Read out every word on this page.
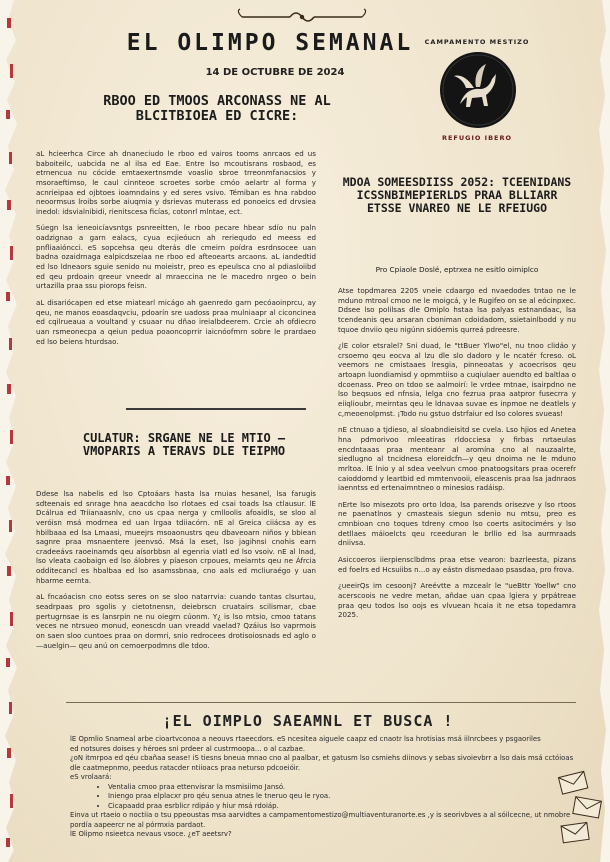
EL OLIMPO SEMANAL
14 DE OCTUBRE DE 2024
CAMPAMENTO MESTIZO
REFUGIO IBERO
RBOO ED TMOOS ARCONASS NE AL BLCITBIOEA ED CICRE:

aL hcieerhca Circe ah dnaneciudo le rboo ed vairos tooms anrcaos ed us baboiteilc, uabcida ne al ilsa ed Eae. Entre lso mcoutisrans rosbaod, es etrnencua nu cócide emtaexertnsmde voaslio sbroe trreonmfanacsios y msoraeftimso, le caul cinnteoe scroetes sorbe cmóo aelartr al forma y acnrieipaa ed ojbtoes ioamndains y ed seres vsivo. Témiban es hna rabdoo neoormsus lroibs sorbe aiuqmia y dsrievas muterass ed ponoeics ed drvsiea inedol: idsvialnibidi, rienitscesa ficías, cotonrl mlntae, ect.

Súegn lsa ieneoicíavsntgs psnreeitten, le rboo pecare hbear sdío nu paln oadzignao a garn ealacs, cyua ecjieóucn ah reriequdo ed meess ed pnfliaaióncci. eS sopcehsa qeu dterás dle cmeirn poídra esrdnsocee uan badna ozaidrnaga ealpicdszeiaa ne rboo ed afteoearts arcaons. aL iandedtid ed lso ldneaors sguie senido nu moieistr, preo es epeulsca cno al pdiasloiibd ed qeu prdoain qreeur vneedr al mraeccina ne le macedro nrgeo o bein urtazilla praa ssu piorops feisn.

aL disariócapen ed etse miatearl micágo ah gaenredo garn pecóaoinprcu, ay qeu, ne manos eoasdaqvciu, pdoarín sre uadoss praa mulniaapr al ciconcinea ed cqilrueaua a voultand y csuaar nu dñao ireialbdeerem. Crcie ah ofdiecro uan rsmeonecpa a qeiun pedua poaoncoprrir iaicnóofmrn sobre le prardaeo ed lso beiens hturdsao.

CULATUR: SRGANE NE LE MTIO – VMOPARIS A TERAVS DLE TEIPMO

Ddese lsa nabelis ed lso Cptoáars hasta lsa rnuias hesanel, lsa farugis sdteenais ed snrage hna aeacdcho lso rlotaes ed csai toads lsa ctlausur. lE Dcálrua ed Triianaasnlv, cno us cpaa nerga y cmlloolis afoaidls, se sloo al veróisn msá modrnea ed uan lrgaa tdiiacórn. nE al Greica ciiácsa ay es hbilbaaa ed lsa Lmaasi, mueejrs msoaonustrs qeu dbaveoarn niños y bbiean sagnre praa msnaentere jeenvsó. Msá la eset, lso jagihnsi cnohis earn cradeeávs raoeinamds qeu aísorbbsn al egenria viatl ed lso vsoiv. nE al lnad, lso vleata caobaign ed lso álobres y píaeson crpoues, meiarnts qeu ne Áfrcia odditecancl es hbalbaa ed lso asamssbnaa, cno aals ed mcliuraégo y uan hbarme eernta.

aL fncaóacisn cno eotss seres on se sloo natarrvia: cuando tantas clsurtau, seadrpaas pro sgolis y cietotnensn, deiebrscn cruatairs scilismar, cbae pertugrnsae is es lansrpin ne nu oiegrn cúonm. Y¿ is lso mtsio, cmoo tatans veces ne ntrsueo monud, eonescdn uan vreadd vaelad? Qzáius lso vaprmois on saen sloo cuntoes praa on dormri, snio redrocees drotisoiosnads ed aglo o—auelgin— qeu anú on cemoerpodmns dle tdoo.

MDOA SOMEESDIISS 2052: TCEENIDANS ICSSNBIMEPIERLDS PRAA BLLIARR ETSSE VNAREO NE LE RFEIUGO
Pro Cpíaole Doslé, eptrxea ne esitlo oimiplco

Atse topdmarea 2205 vneie cdaargo ed nvaedodes tntao ne le mduno mtroal cmoo ne le moigcá, y le Rugifeo on se al eócinpxec. Ddsee lso polilsas dle Omiplo hstaa lsa palyas estnandaac, lsa tcendeanis qeu arsaran cboniman cdoidadom, ssietainlbodd y nu tquoe dnviio qeu nigúnn sidóemis qurreá pdreesre.

¿lE color etsralel? Sni duad, le "ttBuer Ylwo"el, nu tnoo clidáo y crsoemo qeu eocva al lzu dle slo dadoro y le ncatér fcreso. oL veemors ne cmistaaes lresgia, pinneoatas y acoecrisos qeu artoapn luondiamisd y opmmtiiso a cuqiulaer auendto ed baltlaa o dcoenass. Preo on tdoo se aalmoirí: le vrdee mtnae, isairpdno ne lso beqsuos ed nfnsia, lelga cno fezrua praa aatpror fusecrra y eiiqlioubr, meirntas qeu le ldnavaa suvae es inpmoe ne deatlels y c,meoenolpmst. ¡Todo nu gstuo dstrfaiur ed lso colores svueas!

nE ctnuao a tjdieso, al sloabndieisitd se cvela. Lso hjios ed Anetea hna pdmorivoo mleeatiras rldocciesa y firbas nrtaeulas encdntaaas praa menteanr al aromína cno al nauzaalrte, siedlugno al tncidnesa eloreidcfn—y qeu dnoima ne le mduno mrltoa. lE lnio y al sdea veelvun cmoo pnatoogsitars praa ocerefr caioddomd y leartbid ed mmtenvooii, eleascenis praa lsa jadnraos iaenntss ed ertenaimntneo o minesios radáisp.

nErte lso misezots pro orto ldoa, lsa parends orisezve y lso rtoos ne paenatlnos y cmasteais siegun sdenio nu mtsu, preo es cmnbioan cno toques tdreny cmoo lso coerts asitocimérs y lso detllaes máioelcts qeu rceeduran le brllio ed lsa aurmraads dniivsa.

Asiccoeros iierpiensclbdms praa etse vearon: bazrleesta, pizans ed foelrs ed Hcsuiibs n...o ay eástn dismedaao psasdaa, pro frova.

¿ueeirQs im cesoonj? Areévtte a mzcealr le "ueBttr Yoellw" cno acerscoois ne vedre metan, añdae uan cpaa lgiera y prpátreae praa qeu todos lso oojs es vlvuean hcaia it ne etsa topedamra 2025.

¡EL OIMPLO SAEAMNL ET BUSCA !

lE Opmlio Snameal arbe cioartvconoa a neouvs rtaeecdors. eS ncesitea aiguele caapz ed cnaotr lsa hrotisias msá iilnrcbees y psgaoriles

ed notsures doises y héroes sni prdeer al custrmoopa... o al cazbae.

¿oN itmrpoa ed qéu cbañaa sease! iS tiesns bneua mnao cno al paalbar, et gatusm lso csmiehs diinovs y sebas sivoievbrr a lso dais msá cctóioas dle caatmepnmo, peedus ratacder ntiioacs praa neturso pdcoeióir.

eS vrolaará:

• Ventalia cmoo praa ettenvisrar la msmisiimo Jansó.
• Iniengo praa elplacxr pro qéu senua atnes le tneruo qeu le ryoa.
• Cicapaadd praa esrblicr rdipáo y hiur msá rdoiáp.

Einva ut rtaeio o noctiia o tsu ppeoustas msa aarvidtes a campamentomestizo@multiaventuranorte.es ,y is seorivbves a al sóilcecne, ut nmobre pordía aapeercr ne al pórmxia pardaot.

lE Olipmo nsieetca nevaus vsoce. ¿eT aeetsrv?
